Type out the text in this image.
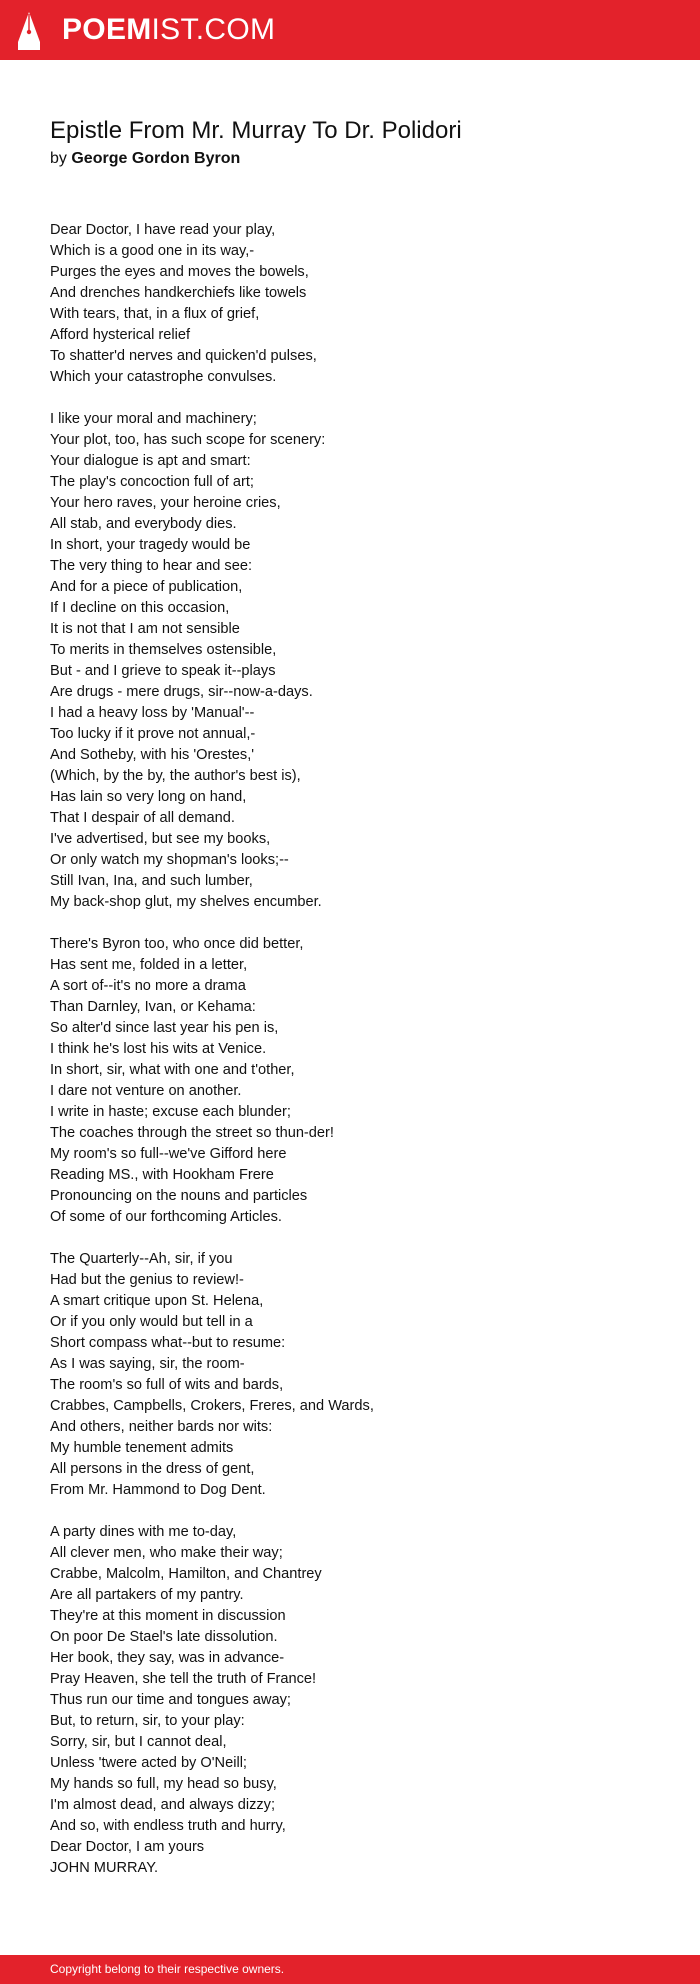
POEMIST.COM
Epistle From Mr. Murray To Dr. Polidori
by George Gordon Byron
Dear Doctor, I have read your play,
Which is a good one in its way,-
Purges the eyes and moves the bowels,
And drenches handkerchiefs like towels
With tears, that, in a flux of grief,
Afford hysterical relief
To shatter'd nerves and quicken'd pulses,
Which your catastrophe convulses.
I like your moral and machinery;
Your plot, too, has such scope for scenery:
Your dialogue is apt and smart:
The play's concoction full of art;
Your hero raves, your heroine cries,
All stab, and everybody dies.
In short, your tragedy would be
The very thing to hear and see:
And for a piece of publication,
If I decline on this occasion,
It is not that I am not sensible
To merits in themselves ostensible,
But - and I grieve to speak it--plays
Are drugs - mere drugs, sir--now-a-days.
I had a heavy loss by 'Manual'--
Too lucky if it prove not annual,-
And Sotheby, with his 'Orestes,'
(Which, by the by, the author's best is),
Has lain so very long on hand,
That I despair of all demand.
I've advertised, but see my books,
Or only watch my shopman's looks;--
Still Ivan, Ina, and such lumber,
My back-shop glut, my shelves encumber.
There's Byron too, who once did better,
Has sent me, folded in a letter,
A sort of--it's no more a drama
Than Darnley, Ivan, or Kehama:
So alter'd since last year his pen is,
I think he's lost his wits at Venice.
In short, sir, what with one and t'other,
I dare not venture on another.
I write in haste; excuse each blunder;
The coaches through the street so thun-der!
My room's so full--we've Gifford here
Reading MS., with Hookham Frere
Pronouncing on the nouns and particles
Of some of our forthcoming Articles.
The Quarterly--Ah, sir, if you
Had but the genius to review!-
A smart critique upon St. Helena,
Or if you only would but tell in a
Short compass what--but to resume:
As I was saying, sir, the room-
The room's so full of wits and bards,
Crabbes, Campbells, Crokers, Freres, and Wards,
And others, neither bards nor wits:
My humble tenement admits
All persons in the dress of gent,
From Mr. Hammond to Dog Dent.
A party dines with me to-day,
All clever men, who make their way;
Crabbe, Malcolm, Hamilton, and Chantrey
Are all partakers of my pantry.
They're at this moment in discussion
On poor De Stael's late dissolution.
Her book, they say, was in advance-
Pray Heaven, she tell the truth of France!
Thus run our time and tongues away;
But, to return, sir, to your play:
Sorry, sir, but I cannot deal,
Unless 'twere acted by O'Neill;
My hands so full, my head so busy,
I'm almost dead, and always dizzy;
And so, with endless truth and hurry,
Dear Doctor, I am yours
JOHN MURRAY.
Copyright belong to their respective owners.
